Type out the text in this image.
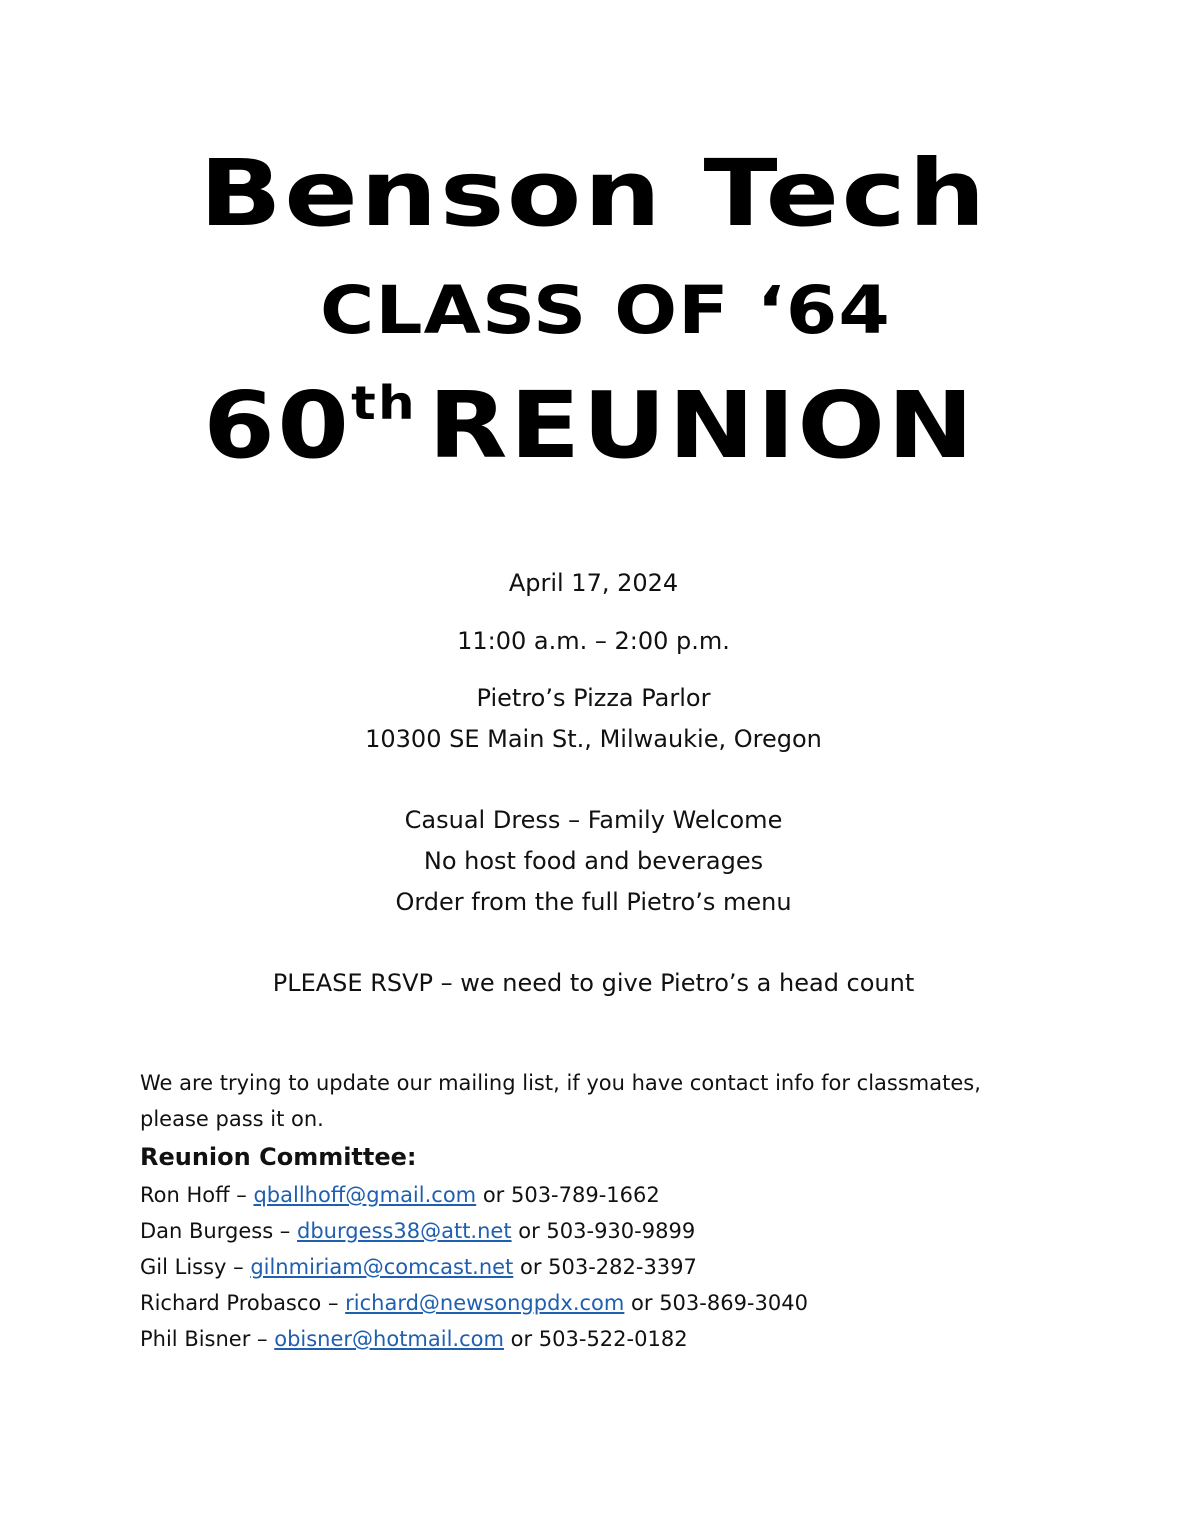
Benson Tech
CLASS OF ‘64
60th REUNION
April 17, 2024
11:00 a.m. – 2:00 p.m.
Pietro’s Pizza Parlor
10300 SE Main St., Milwaukie, Oregon
Casual Dress – Family Welcome
No host food and beverages
Order from the full Pietro’s menu
PLEASE RSVP – we need to give Pietro’s a head count
We are trying to update our mailing list, if you have contact info for classmates,
please pass it on.
Reunion Committee:
Ron Hoff – qballhoff@gmail.com or 503-789-1662
Dan Burgess – dburgess38@att.net or 503-930-9899
Gil Lissy – gilnmiriam@comcast.net or 503-282-3397
Richard Probasco – richard@newsongpdx.com or 503-869-3040
Phil Bisner – obisner@hotmail.com or 503-522-0182
